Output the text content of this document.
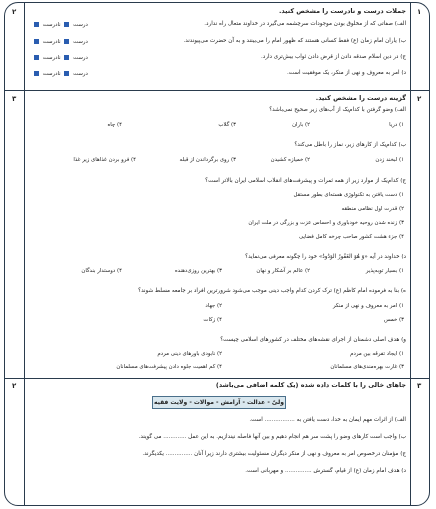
۱
۲	جملات درست و نادرست را مشخص کنید.
الف) صفاتی که از مخلوق بودن موجودات سرچشمه می‌گیرد در خداوند متعال راه ندارد.
درست  نادرست
ب) یاران امام زمان (ع) فقط کسانی هستند که ظهور امام را می‌بینند و به آن حضرت می‌پیوندند.
درست  نادرست
ج) در دین اسلام صدقه دادن از قرض دادن ثواب بیش‌تری دارد.
درست  نادرست
د) امر به معروف و نهی از منکر، یک موفقیت است.
درست  نادرست
۲
۳	گزینه درست را مشخص کنید.
الف) وضو گرفتن با کدام‌یک از آب‌های زیر صحیح نمی‌باشد؟
۱) دریا
۲) باران
۳) گلاب
۴) چاه
ب) کدام‌یک از کارهای زیر، نماز را باطل می‌کند؟
۱) لبخند زدن
۲) خمیازه کشیدن
۳) روی برگرداندن از قبله
۴) فرو بردن غذاهای زیر غذا
ج) کدام‌یک از موارد زیر از همه ثمرات و پیشرفت‌های انقلاب اسلامی ایران بالاتر است؟
۱) دست یافتن به تکنولوژی هسته‌ای بطور مستقل
۲) قدرت اول نظامی منطقه
۳) زنده شدن روحیه خودباوری و احساس عزت و بزرگی در ملت ایران
۴) جزء هشت کشور صاحب چرخه کامل فضایی
د) خداوند در آیه «وَ هُوَ الغَفُورُ الوَدُودُ» خود را چگونه معرفی می‌نماید؟
۱) بسیار توبه‌پذیر
۲) عالم بر آشکار و نهان
۳) بهترین روزی‌دهنده
۴) دوستدار بندگان
ه) بنا به فرموده امام کاظم (ع) ترک کردن کدام واجب دینی موجب می‌شود شرورترین افراد بر جامعه مسلط شوند؟
۱) امر به معروف و نهی از منکر
۲) جهاد
۳) خمس
۴) زکات
و) هدف اصلی دشمنان از اجرای نقشه‌های مختلف در کشورهای اسلامی چیست؟
۱) ایجاد تفرقه بین مردم
۲) نابودی باورهای دینی مردم
۳) غارت بهره‌مندی‌های مسلمانان
۴) کم اهمیت جلوه دادن پیشرفت‌های مسلمانان
۳
۲	جاهای خالی را با کلمات داده شده (یک کلمه اضافی می‌باشد)
ولیّ - عدالت - آرامش - موالات - ولایت فقیه
الف) از اثرات مهم ایمان به خدا، دست یافتن به ................. است.
ب) واجب است کارهای وضو را پشت سر هم انجام دهیم و بین آنها فاصله نیندازیم. به این عمل ............. می گویند.
ج) مؤمنان درخصوص امر به معروف و نهی از منکر دیگران مسئولیت بیشتری دارند زیرا آنان ............... یکدیگرند.
د) هدف امام زمان (ع) از قیام، گسترش ............... و مهربانی است.
